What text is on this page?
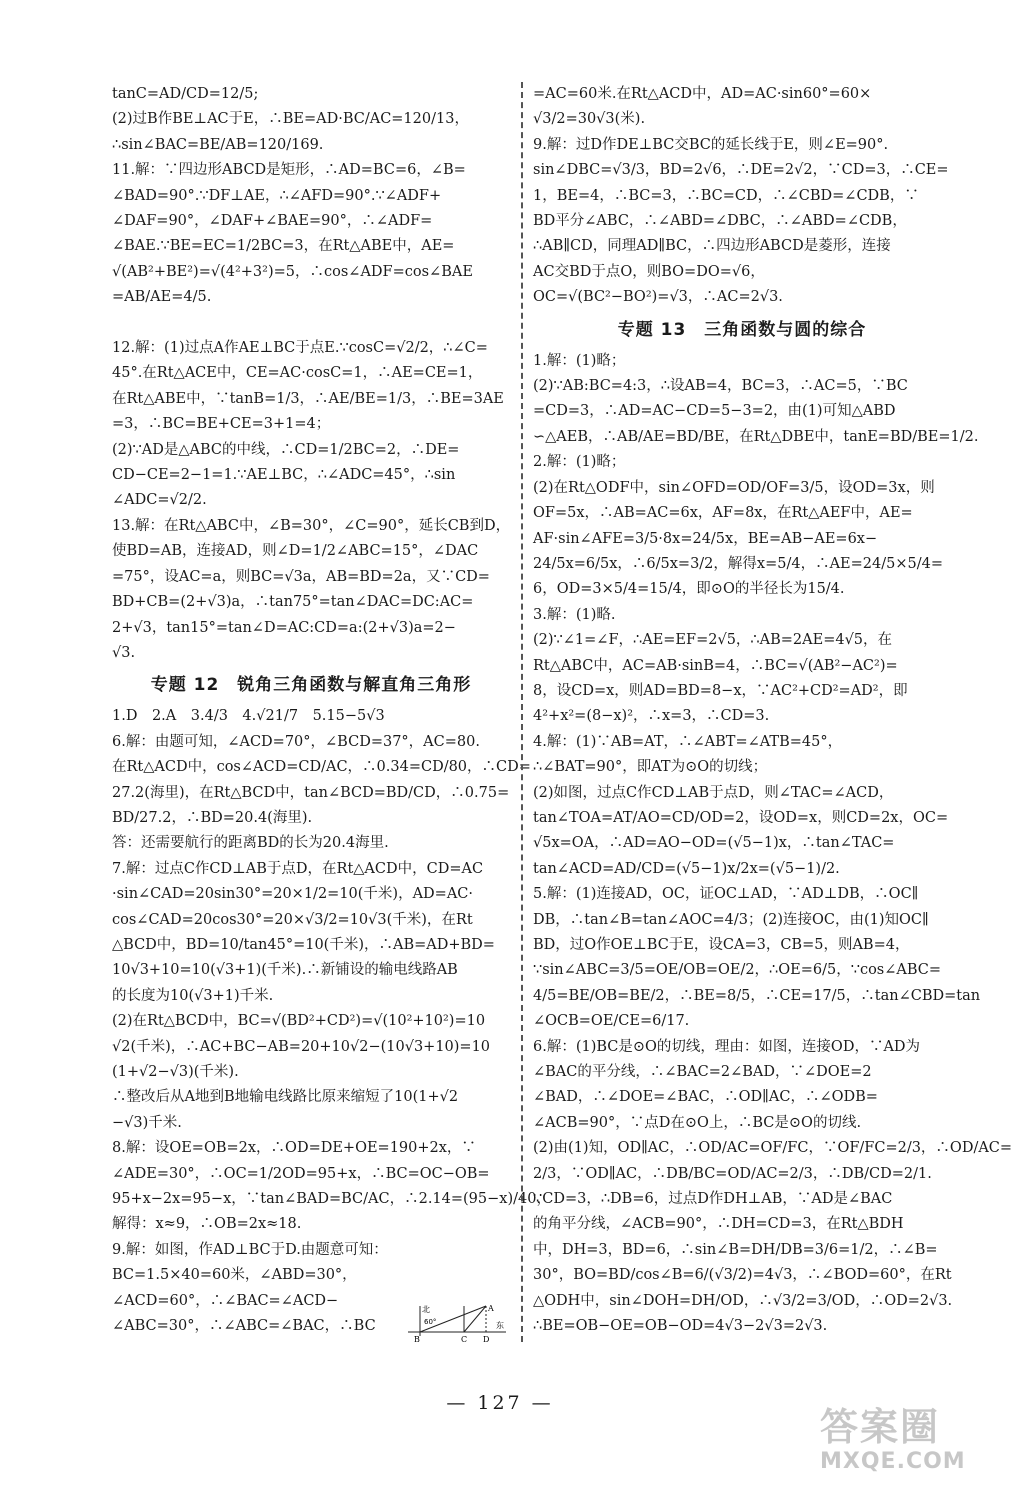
tanC=AD/CD=12/5;
(2)过B作BE⊥AC于E，∴BE=AD·BC/AC=120/13，
∴sin∠BAC=BE/AB=120/169.
11.解：∵四边形ABCD是矩形，∴AD=BC=6，∠B=
∠BAD=90°.∵DF⊥AE，∴∠AFD=90°.∵∠ADF+
∠DAF=90°，∠DAF+∠BAE=90°，∴∠ADF=
∠BAE.∵BE=EC=1/2BC=3，在Rt△ABE中，AE=
√(AB²+BE²)=√(4²+3²)=5，∴cos∠ADF=cos∠BAE
=AB/AE=4/5.
12.解：(1)过点A作AE⊥BC于点E.∵cosC=√2/2，∴∠C=
45°.在Rt△ACE中，CE=AC·cosC=1，∴AE=CE=1，
在Rt△ABE中，∵tanB=1/3，∴AE/BE=1/3，∴BE=3AE
=3，∴BC=BE+CE=3+1=4；
(2)∵AD是△ABC的中线，∴CD=1/2BC=2，∴DE=
CD−CE=2−1=1.∵AE⊥BC，∴∠ADC=45°，∴sin
∠ADC=√2/2.
13.解：在Rt△ABC中，∠B=30°，∠C=90°，延长CB到D，
使BD=AB，连接AD，则∠D=1/2∠ABC=15°，∠DAC
=75°，设AC=a，则BC=√3a，AB=BD=2a，又∵CD=
BD+CB=(2+√3)a，∴tan75°=tan∠DAC=DC:AC=
2+√3，tan15°=tan∠D=AC:CD=a:(2+√3)a=2−
√3.
专题 12　锐角三角函数与解直角三角形
1.D　2.A　3.4/3　4.√21/7　5.15−5√3
6.解：由题可知，∠ACD=70°，∠BCD=37°，AC=80.
在Rt△ACD中，cos∠ACD=CD/AC，∴0.34=CD/80，∴CD=
27.2(海里)，在Rt△BCD中，tan∠BCD=BD/CD，∴0.75=
BD/27.2，∴BD=20.4(海里).
答：还需要航行的距离BD的长为20.4海里.
7.解：过点C作CD⊥AB于点D，在Rt△ACD中，CD=AC
·sin∠CAD=20sin30°=20×1/2=10(千米)，AD=AC·
cos∠CAD=20cos30°=20×√3/2=10√3(千米)，在Rt
△BCD中，BD=10/tan45°=10(千米)，∴AB=AD+BD=
10√3+10=10(√3+1)(千米).∴新铺设的输电线路AB
的长度为10(√3+1)千米.
(2)在Rt△BCD中，BC=√(BD²+CD²)=√(10²+10²)=10
√2(千米)，∴AC+BC−AB=20+10√2−(10√3+10)=10
(1+√2−√3)(千米).
∴整改后从A地到B地输电线路比原来缩短了10(1+√2
−√3)千米.
8.解：设OE=OB=2x，∴OD=DE+OE=190+2x，∵
∠ADE=30°，∴OC=1/2OD=95+x，∴BC=OC−OB=
95+x−2x=95−x，∵tan∠BAD=BC/AC，∴2.14=(95−x)/40，
解得：x≈9，∴OB=2x≈18.
9.解：如图，作AD⊥BC于D.由题意可知：
BC=1.5×40=60米，∠ABD=30°，
∠ACD=60°，∴∠BAC=∠ACD−
∠ABC=30°，∴∠ABC=∠BAC，∴BC
=AC=60米.在Rt△ACD中，AD=AC·sin60°=60×
√3/2=30√3(米).
9.解：过D作DE⊥BC交BC的延长线于E，则∠E=90°.
sin∠DBC=√3/3，BD=2√6，∴DE=2√2，∵CD=3，∴CE=
1，BE=4，∴BC=3，∴BC=CD，∴∠CBD=∠CDB，∵
BD平分∠ABC，∴∠ABD=∠DBC，∴∠ABD=∠CDB，
∴AB∥CD，同理AD∥BC，∴四边形ABCD是菱形，连接
AC交BD于点O，则BO=DO=√6，
OC=√(BC²−BO²)=√3，∴AC=2√3.
专题 13　三角函数与圆的综合
1.解：(1)略；
(2)∵AB:BC=4:3，∴设AB=4，BC=3，∴AC=5，∵BC
=CD=3，∴AD=AC−CD=5−3=2，由(1)可知△ABD
∽△AEB，∴AB/AE=BD/BE，在Rt△DBE中，tanE=BD/BE=1/2.
2.解：(1)略；
(2)在Rt△ODF中，sin∠OFD=OD/OF=3/5，设OD=3x，则
OF=5x，∴AB=AC=6x，AF=8x，在Rt△AEF中，AE=
AF·sin∠AFE=3/5·8x=24/5x，BE=AB−AE=6x−
24/5x=6/5x，∴6/5x=3/2，解得x=5/4，∴AE=24/5×5/4=
6，OD=3×5/4=15/4，即⊙O的半径长为15/4.
3.解：(1)略.
(2)∵∠1=∠F，∴AE=EF=2√5，∴AB=2AE=4√5，在
Rt△ABC中，AC=AB·sinB=4，∴BC=√(AB²−AC²)=
8，设CD=x，则AD=BD=8−x，∵AC²+CD²=AD²，即
4²+x²=(8−x)²，∴x=3，∴CD=3.
4.解：(1)∵AB=AT，∴∠ABT=∠ATB=45°，
∴∠BAT=90°，即AT为⊙O的切线；
(2)如图，过点C作CD⊥AB于点D，则∠TAC=∠ACD，
tan∠TOA=AT/AO=CD/OD=2，设OD=x，则CD=2x，OC=
√5x=OA，∴AD=AO−OD=(√5−1)x，∴tan∠TAC=
tan∠ACD=AD/CD=(√5−1)x/2x=(√5−1)/2.
5.解：(1)连接AD，OC，证OC⊥AD，∵AD⊥DB，∴OC∥
DB，∴tan∠B=tan∠AOC=4/3；(2)连接OC，由(1)知OC∥
BD，过O作OE⊥BC于E，设CA=3，CB=5，则AB=4，
∵sin∠ABC=3/5=OE/OB=OE/2，∴OE=6/5，∵cos∠ABC=
4/5=BE/OB=BE/2，∴BE=8/5，∴CE=17/5，∴tan∠CBD=tan
∠OCB=OE/CE=6/17.
6.解：(1)BC是⊙O的切线，理由：如图，连接OD，∵AD为
∠BAC的平分线，∴∠BAC=2∠BAD，∵∠DOE=2
∠BAD，∴∠DOE=∠BAC，∴OD∥AC，∴∠ODB=
∠ACB=90°，∵点D在⊙O上，∴BC是⊙O的切线.
(2)由(1)知，OD∥AC，∴OD/AC=OF/FC，∵OF/FC=2/3，∴OD/AC=
2/3，∵OD∥AC，∴DB/BC=OD/AC=2/3，∴DB/CD=2/1.
∵CD=3，∴DB=6，过点D作DH⊥AB，∵AD是∠BAC
的角平分线，∠ACB=90°，∴DH=CD=3，在Rt△BDH
中，DH=3，BD=6，∴sin∠B=DH/DB=3/6=1/2，∴∠B=
30°，BO=BD/cos∠B=6/(√3/2)=4√3，∴∠BOD=60°，在Rt
△ODH中，sin∠DOH=DH/OD，∴√3/2=3/OD，∴OD=2√3.
∴BE=OB−OE=OB−OD=4√3−2√3=2√3.
北
60°	东
A
B	C D
— 127 —
答案圈
MXQE.COM
